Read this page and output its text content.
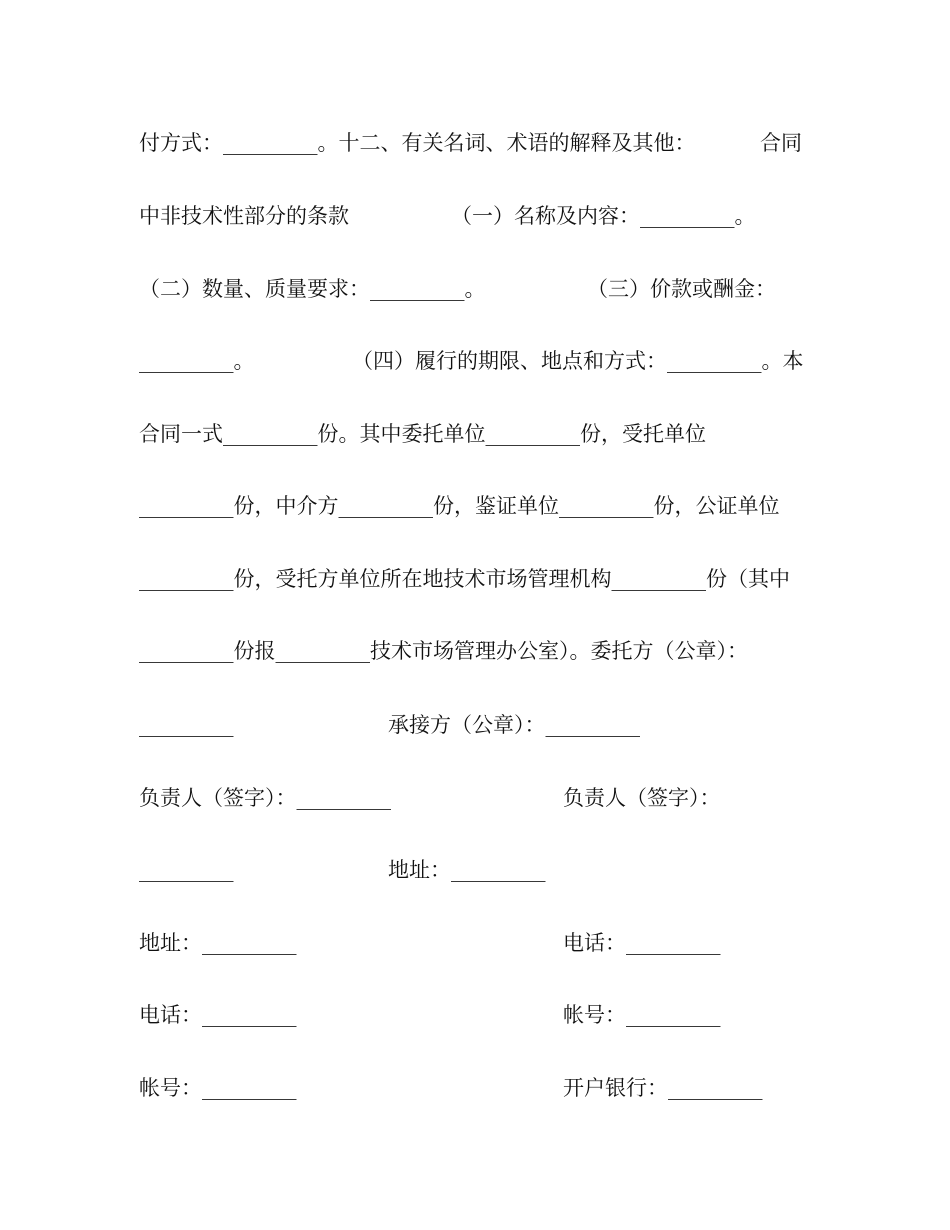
付方式：_________。十二、有关名词、术语的解释及其他：	合同
中非技术性部分的条款	（一）名称及内容：_________。
（二）数量、质量要求：_________。	（三）价款或酬金：
_________。	（四）履行的期限、地点和方式：_________。本
合同一式_________份。其中委托单位_________份，受托单位
_________份，中介方_________份，鉴证单位_________份，公证单位
_________份，受托方单位所在地技术市场管理机构_________份（其中
_________份报_________技术市场管理办公室）。委托方（公章）：
_________	承接方（公章）：_________
负责人（签字）：_________	负责人（签字）：
_________	地址：_________
地址：_________	电话：_________
电话：_________	帐号：_________
帐号：_________	开户银行：_________
